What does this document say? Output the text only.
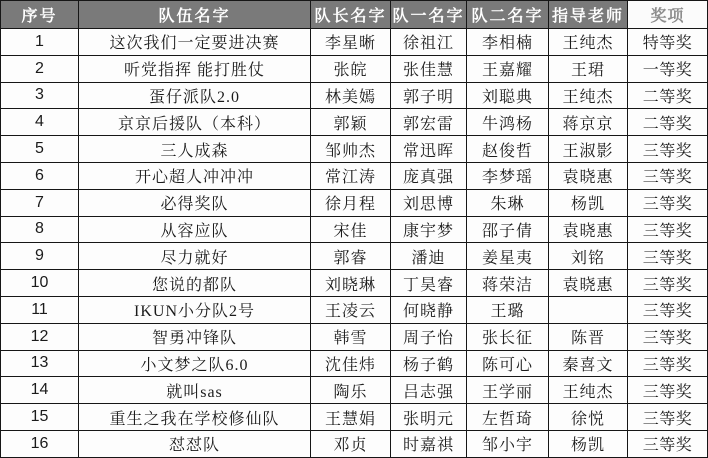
序号	队伍名字	队长名字	队一名字	队二名字	指导老师	奖项
1	这次我们一定要进决赛	李星晰	徐祖江	李相楠	王纯杰	特等奖
2	听党指挥 能打胜仗	张皖	张佳慧	王嘉耀	王珺	一等奖
3	蛋仔派队2.0	林美嫣	郭子明	刘聪典	王纯杰	二等奖
4	京京后援队（本科）	郭颖	郭宏雷	牛鸿杨	蒋京京	二等奖
5	三人成森	邹帅杰	常迅晖	赵俊哲	王淑影	三等奖
6	开心超人冲冲冲	常江涛	庞真强	李梦瑶	袁晓惠	三等奖
7	必得奖队	徐月程	刘思博	朱琳	杨凯	三等奖
8	从容应队	宋佳	康宇梦	邵子倩	袁晓惠	三等奖
9	尽力就好	郭睿	潘迪	姜星夷	刘铭	三等奖
10	您说的都队	刘晓琳	丁昊睿	蒋荣洁	袁晓惠	三等奖
11	IKUN小分队2号	王凌云	何晓静	王璐		三等奖
12	智勇冲锋队	韩雪	周子怡	张长征	陈晋	三等奖
13	小文梦之队6.0	沈佳炜	杨子鹤	陈可心	秦喜文	三等奖
14	就叫sas	陶乐	吕志强	王学丽	王纯杰	三等奖
15	重生之我在学校修仙队	王慧娟	张明元	左哲琦	徐悦	三等奖
16	怼怼队	邓贞	时嘉祺	邹小宇	杨凯	三等奖
